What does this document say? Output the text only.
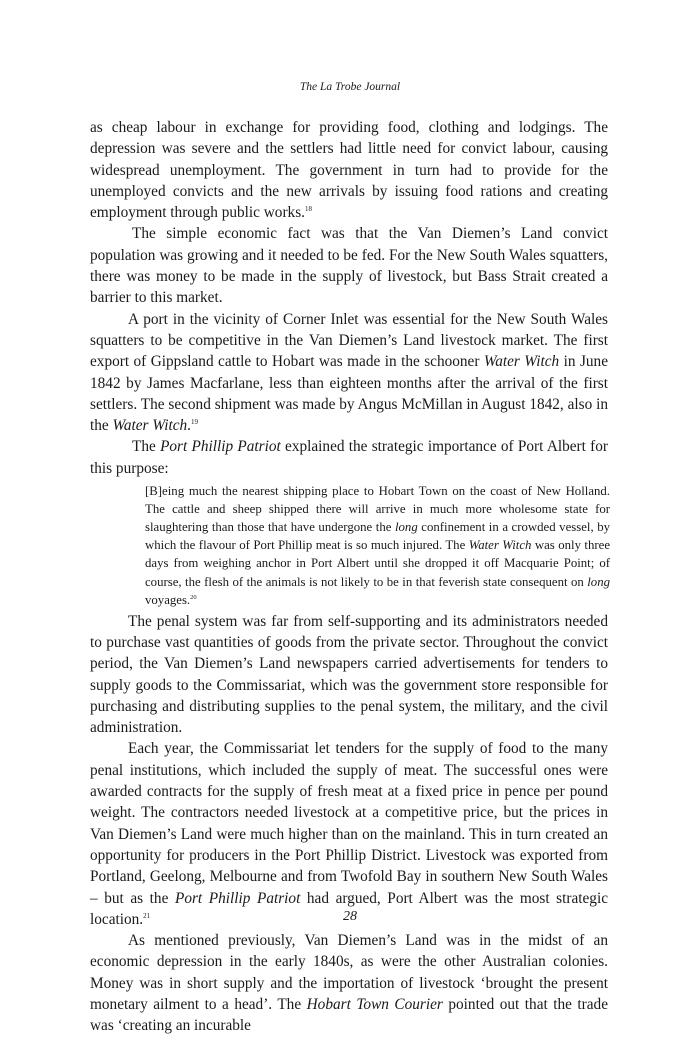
The La Trobe Journal

as cheap labour in exchange for providing food, clothing and lodgings. The depression was severe and the settlers had little need for convict labour, causing widespread unemployment. The government in turn had to provide for the unemployed convicts and the new arrivals by issuing food rations and creating employment through public works.$^{18}$

The simple economic fact was that the Van Diemen’s Land convict population was growing and it needed to be fed. For the New South Wales squatters, there was money to be made in the supply of livestock, but Bass Strait created a barrier to this market.

A port in the vicinity of Corner Inlet was essential for the New South Wales squatters to be competitive in the Van Diemen’s Land livestock market. The first export of Gippsland cattle to Hobart was made in the schooner Water Witch in June 1842 by James Macfarlane, less than eighteen months after the arrival of the first settlers. The second shipment was made by Angus McMillan in August 1842, also in the Water Witch.$^{19}$

The Port Phillip Patriot explained the strategic importance of Port Albert for this purpose:

[B]eing much the nearest shipping place to Hobart Town on the coast of New Holland. The cattle and sheep shipped there will arrive in much more wholesome state for slaughtering than those that have undergone the long confinement in a crowded vessel, by which the flavour of Port Phillip meat is so much injured. The Water Witch was only three days from weighing anchor in Port Albert until she dropped it off Macquarie Point; of course, the flesh of the animals is not likely to be in that feverish state consequent on long voyages.$^{20}$

The penal system was far from self-supporting and its administrators needed to purchase vast quantities of goods from the private sector. Throughout the convict period, the Van Diemen’s Land newspapers carried advertisements for tenders to supply goods to the Commissariat, which was the government store responsible for purchasing and distributing supplies to the penal system, the military, and the civil administration.

Each year, the Commissariat let tenders for the supply of food to the many penal institutions, which included the supply of meat. The successful ones were awarded contracts for the supply of fresh meat at a fixed price in pence per pound weight. The contractors needed livestock at a competitive price, but the prices in Van Diemen’s Land were much higher than on the mainland. This in turn created an opportunity for producers in the Port Phillip District. Livestock was exported from Portland, Geelong, Melbourne and from Twofold Bay in southern New South Wales – but as the Port Phillip Patriot had argued, Port Albert was the most strategic location.$^{21}$

As mentioned previously, Van Diemen’s Land was in the midst of an economic depression in the early 1840s, as were the other Australian colonies. Money was in short supply and the importation of livestock ‘brought the present monetary ailment to a head’. The Hobart Town Courier pointed out that the trade was ‘creating an incurable

28
